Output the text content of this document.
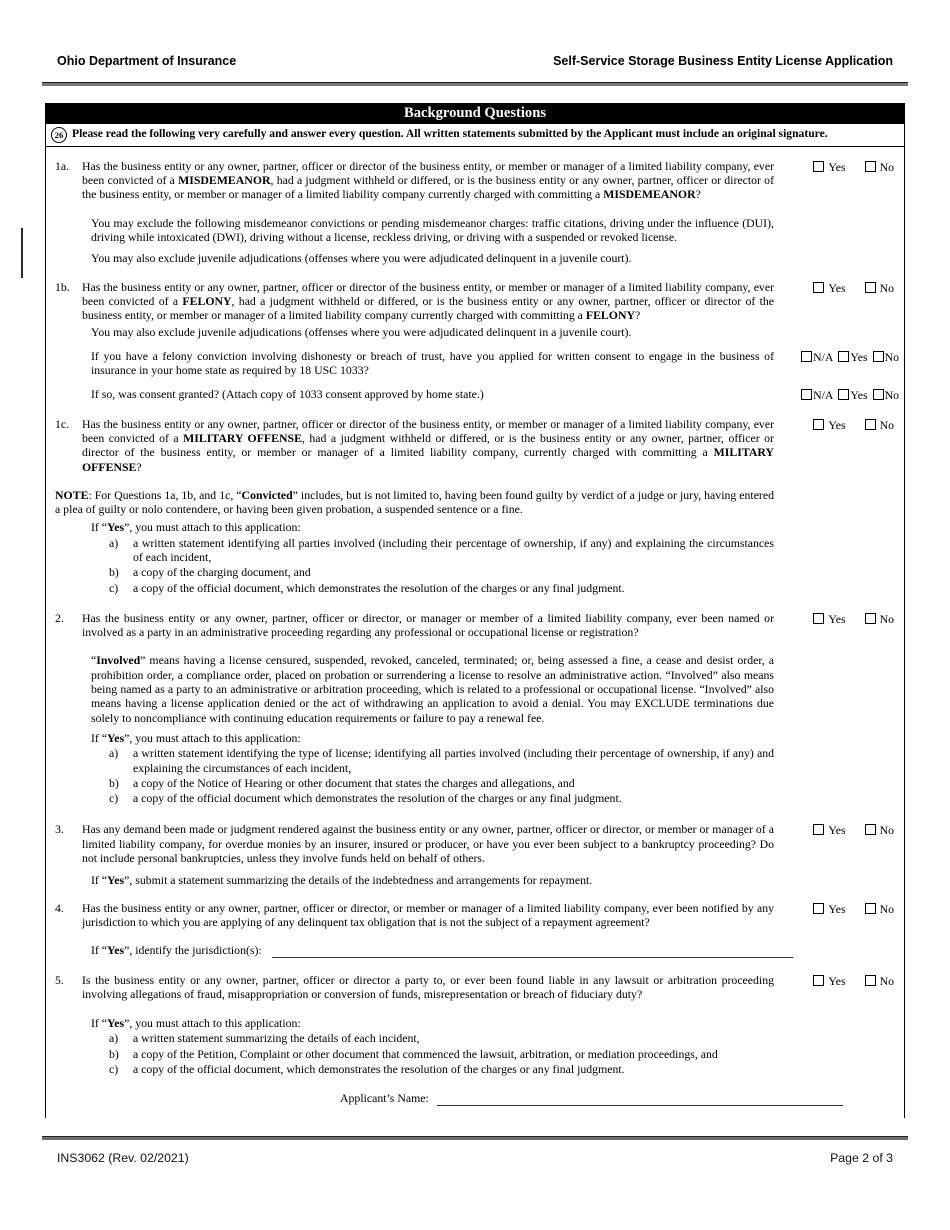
Ohio Department of Insurance	Self-Service Storage Business Entity License Application
Background Questions
26 Please read the following very carefully and answer every question. All written statements submitted by the Applicant must include an original signature.
1a.	Has the business entity or any owner, partner, officer or director of the business entity, or member or manager of a limited liability company, ever been convicted of a MISDEMEANOR, had a judgment withheld or differed, or is the business entity or any owner, partner, officer or director of the business entity, or member or manager of a limited liability company currently charged with committing a MISDEMEANOR?
Yes	No
You may exclude the following misdemeanor convictions or pending misdemeanor charges: traffic citations, driving under the influence (DUI), driving while intoxicated (DWI), driving without a license, reckless driving, or driving with a suspended or revoked license.
You may also exclude juvenile adjudications (offenses where you were adjudicated delinquent in a juvenile court).
1b.	Has the business entity or any owner, partner, officer or director of the business entity, or member or manager of a limited liability company, ever been convicted of a FELONY, had a judgment withheld or differed, or is the business entity or any owner, partner, officer or director of the business entity, or member or manager of a limited liability company currently charged with committing a FELONY?
Yes	No
You may also exclude juvenile adjudications (offenses where you were adjudicated delinquent in a juvenile court).
If you have a felony conviction involving dishonesty or breach of trust, have you applied for written consent to engage in the business of insurance in your home state as required by 18 USC 1033?
N/A	Yes	No
If so, was consent granted? (Attach copy of 1033 consent approved by home state.)	N/A	Yes	No
1c.	Has the business entity or any owner, partner, officer or director of the business entity, or member or manager of a limited liability company, ever been convicted of a MILITARY OFFENSE, had a judgment withheld or differed, or is the business entity or any owner, partner, officer or director of the business entity, or member or manager of a limited liability company, currently charged with committing a MILITARY OFFENSE?
Yes	No
NOTE: For Questions 1a, 1b, and 1c, “Convicted” includes, but is not limited to, having been found guilty by verdict of a judge or jury, having entered a plea of guilty or nolo contendere, or having been given probation, a suspended sentence or a fine.
If “Yes”, you must attach to this application:
a)	a written statement identifying all parties involved (including their percentage of ownership, if any) and explaining the circumstances of each incident,
b)	a copy of the charging document, and
c)	a copy of the official document, which demonstrates the resolution of the charges or any final judgment.
2.	Has the business entity or any owner, partner, officer or director, or manager or member of a limited liability company, ever been named or involved as a party in an administrative proceeding regarding any professional or occupational license or registration?
Yes	No
“Involved” means having a license censured, suspended, revoked, canceled, terminated; or, being assessed a fine, a cease and desist order, a prohibition order, a compliance order, placed on probation or surrendering a license to resolve an administrative action. “Involved” also means being named as a party to an administrative or arbitration proceeding, which is related to a professional or occupational license. “Involved” also means having a license application denied or the act of withdrawing an application to avoid a denial. You may EXCLUDE terminations due solely to noncompliance with continuing education requirements or failure to pay a renewal fee.
If “Yes”, you must attach to this application:
a)	a written statement identifying the type of license; identifying all parties involved (including their percentage of ownership, if any) and explaining the circumstances of each incident,
b)	a copy of the Notice of Hearing or other document that states the charges and allegations, and
c)	a copy of the official document which demonstrates the resolution of the charges or any final judgment.
3.	Has any demand been made or judgment rendered against the business entity or any owner, partner, officer or director, or member or manager of a limited liability company, for overdue monies by an insurer, insured or producer, or have you ever been subject to a bankruptcy proceeding? Do not include personal bankruptcies, unless they involve funds held on behalf of others.
Yes	No
If “Yes”, submit a statement summarizing the details of the indebtedness and arrangements for repayment.
4.	Has the business entity or any owner, partner, officer or director, or member or manager of a limited liability company, ever been notified by any jurisdiction to which you are applying of any delinquent tax obligation that is not the subject of a repayment agreement?
Yes	No
If “Yes”, identify the jurisdiction(s):
5.	Is the business entity or any owner, partner, officer or director a party to, or ever been found liable in any lawsuit or arbitration proceeding involving allegations of fraud, misappropriation or conversion of funds, misrepresentation or breach of fiduciary duty?
Yes	No
If “Yes”, you must attach to this application:
a)	a written statement summarizing the details of each incident,
b)	a copy of the Petition, Complaint or other document that commenced the lawsuit, arbitration, or mediation proceedings, and
c)	a copy of the official document, which demonstrates the resolution of the charges or any final judgment.
Applicant’s Name:
INS3062 (Rev. 02/2021)	Page 2 of 3
